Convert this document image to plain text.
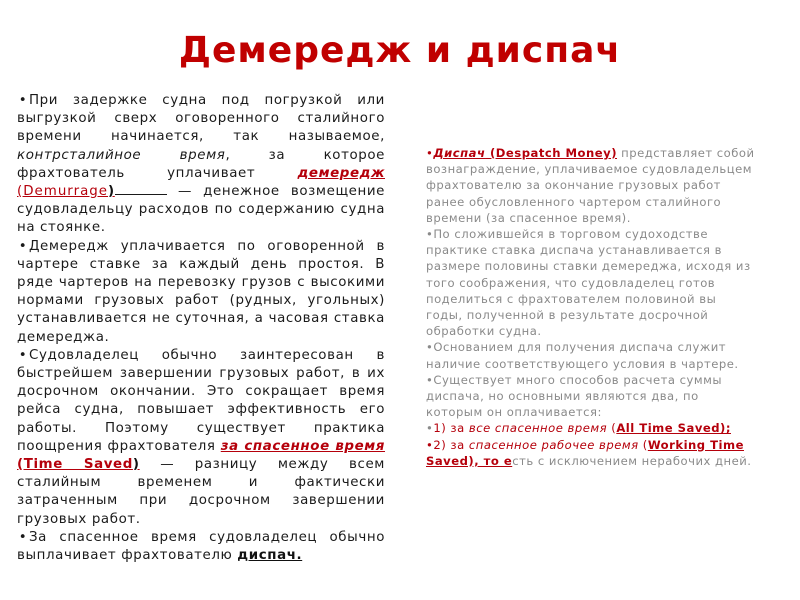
Демередж и диспач

• При задержке судна под погрузкой или выгрузкой сверх оговоренного сталийного времени начинается, так называемое, контрсталийное время, за которое фрахтователь уплачивает демередж (Demurrage)	— денежное возмещение судовладельцу расходов по содержанию судна на стоянке.

• Демередж уплачивается по оговоренной в чартере ставке за каждый день простоя. В ряде чартеров на перевозку грузов с высокими нормами грузовых работ (рудных, угольных) устанавливается не суточная, а часовая ставка демереджа.

• Судовладелец обычно заинтересован в быстрейшем завершении грузовых работ, в их досрочном окончании. Это сокращает время рейса судна, повышает эффективность его работы. Поэтому существует практика поощрения фрахтователя за спасенное время (Time Saved) — разницу между всем сталийным временем и фактически затраченным при досрочном завершении грузовых работ.

• За спасенное время судовладелец обычно выплачивает фрахтователю диспач.

•Диспач (Despatch Money) представляет собой вознаграждение, уплачиваемое судовладельцем фрахтователю за окончание грузовых работ ранее обусловленного чартером сталийного времени (за спасенное время).

•По сложившейся в торговом судоходстве практике ставка диспача устанавливается в размере половины ставки демереджа, исходя из того соображения, что судовладелец готов поделиться с фрахтователем половиной вы годы, полученной в результате досрочной обработки судна.

•Основанием для получения диспача служит наличие соответствующего условия в чартере.

•Существует много способов расчета суммы диспача, но основными являются два, по которым он оплачивается:

•1) за все спасенное время (All Time Saved);

•2) за спасенное рабочее время (Working Time Saved), то есть с исключением нерабочих дней.
